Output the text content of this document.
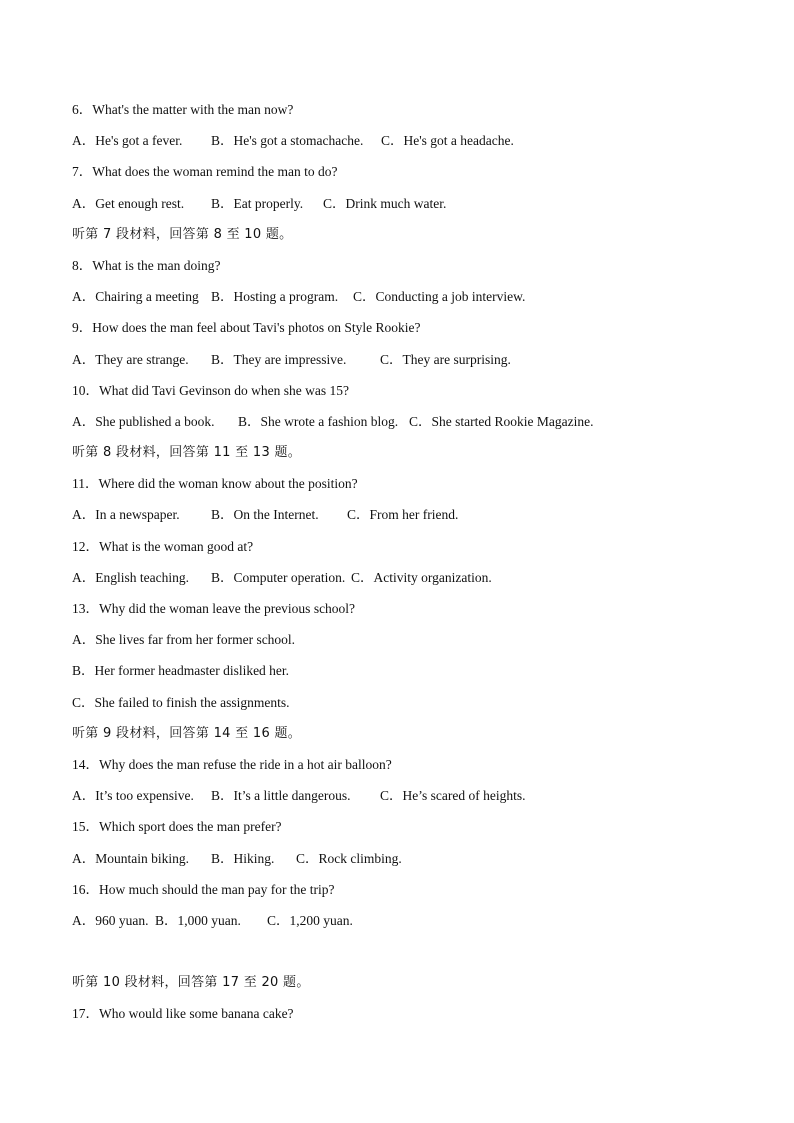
6．What's the matter with the man now?
A．He's got a fever. B．He's got a stomachache. C．He's got a headache.
7．What does the woman remind the man to do?
A．Get enough rest. B．Eat properly. C．Drink much water.
听第 7 段材料，回答第 8 至 10 题。
8．What is the man doing?
A．Chairing a meeting B．Hosting a program. C．Conducting a job interview.
9．How does the man feel about Tavi's photos on Style Rookie?
A．They are strange. B．They are impressive. C．They are surprising.
10．What did Tavi Gevinson do when she was 15?
A．She published a book. B．She wrote a fashion blog. C．She started Rookie Magazine.
听第 8 段材料，回答第 11 至 13 题。
11．Where did the woman know about the position?
A．In a newspaper. B．On the Internet. C．From her friend.
12．What is the woman good at?
A．English teaching. B．Computer operation. C．Activity organization.
13．Why did the woman leave the previous school?
A．She lives far from her former school.
B．Her former headmaster disliked her.
C．She failed to finish the assignments.
听第 9 段材料，回答第 14 至 16 题。
14．Why does the man refuse the ride in a hot air balloon?
A．It’s too expensive. B．It’s a little dangerous. C．He’s scared of heights.
15．Which sport does the man prefer?
A．Mountain biking. B．Hiking. C．Rock climbing.
16．How much should the man pay for the trip?
A．960 yuan. B．1,000 yuan. C．1,200 yuan.
听第 10 段材料，回答第 17 至 20 题。
17．Who would like some banana cake?
